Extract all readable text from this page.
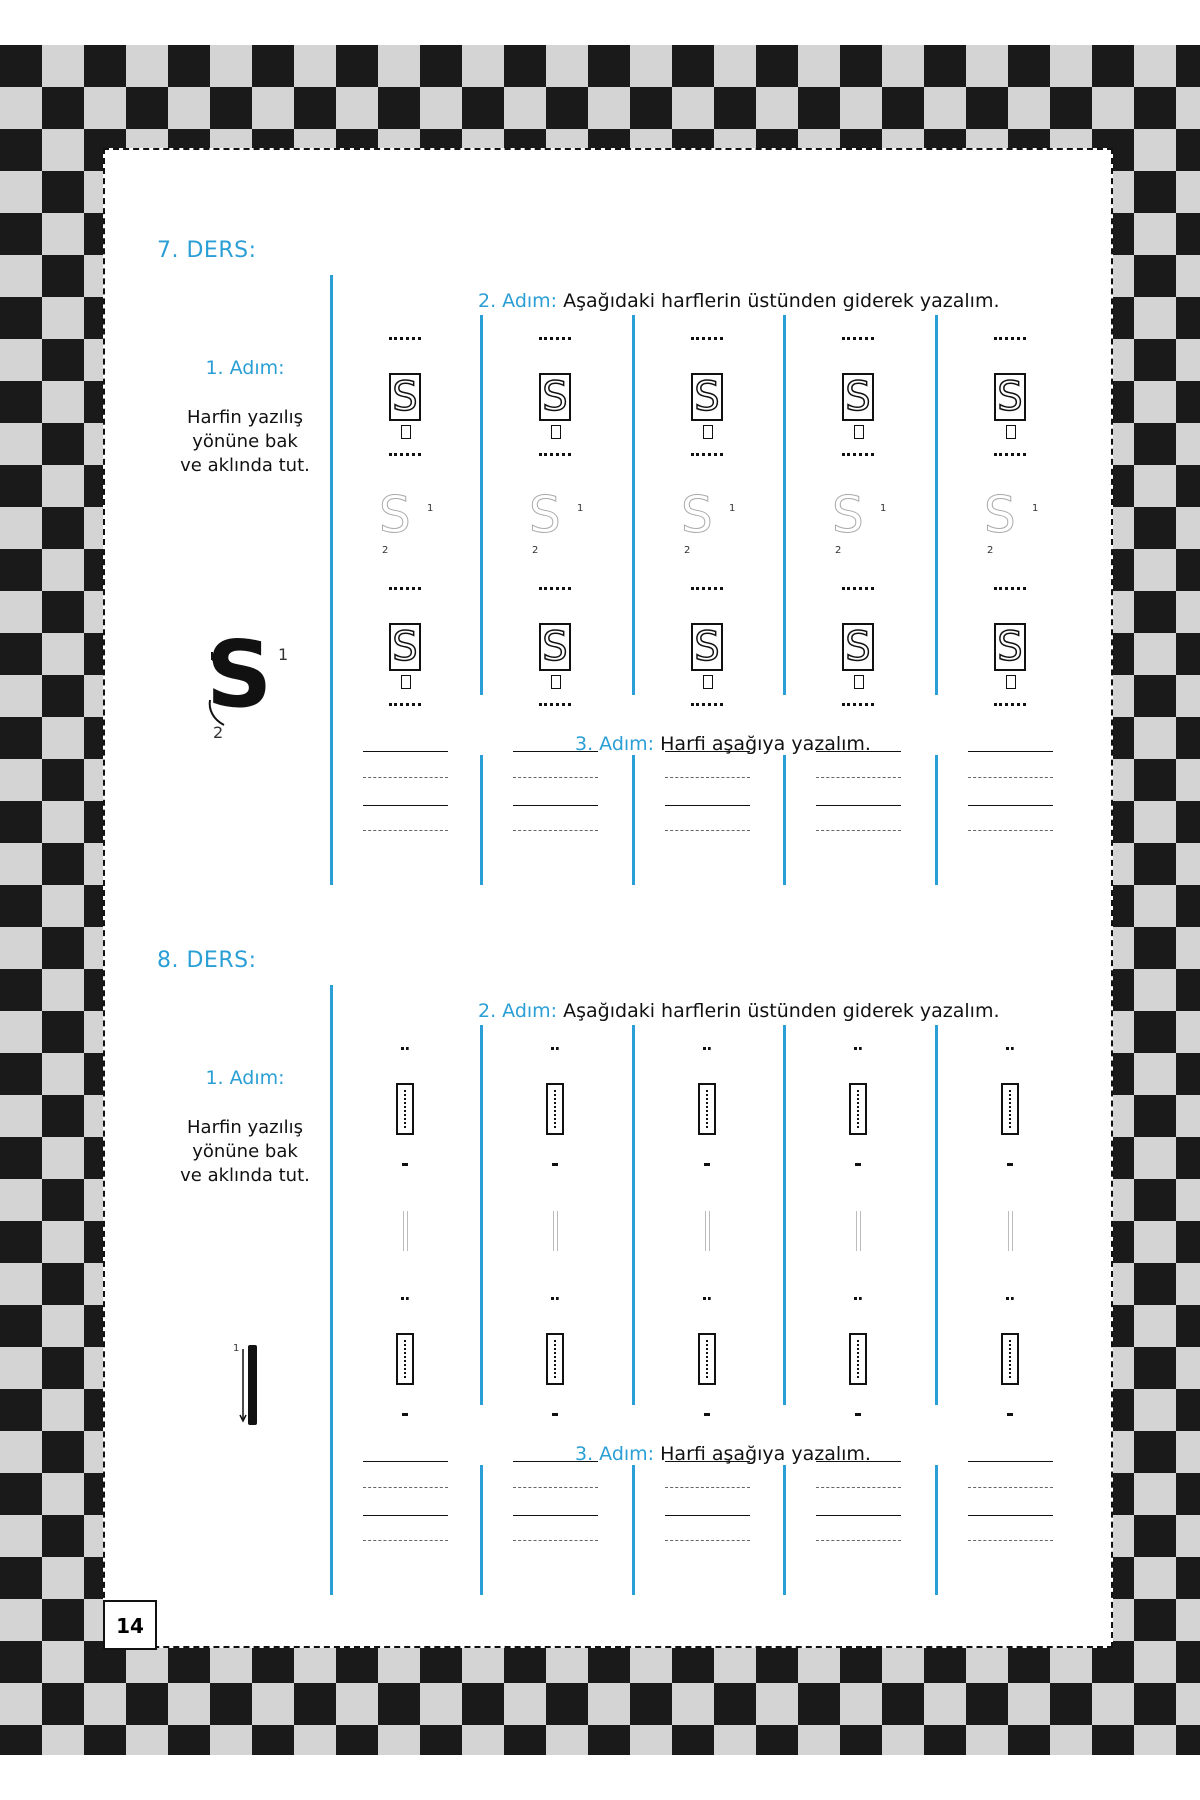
7. DERS:
2. Adım: Aşağıdaki harflerin üstünden giderek yazalım.
1. Adım:
Harfin yazılış yönüne bak ve aklında tut.
S 1
2
3. Adım: Harfi aşağıya yazalım.
S
S 1
2
S
S
S 1
2
S
S
S 1
2
S
S
S 1
2
S
S
S 1
2
S
8. DERS:
2. Adım: Aşağıdaki harflerin üstünden giderek yazalım.
1. Adım:
Harfin yazılış yönüne bak ve aklında tut.
1
3. Adım: Harfi aşağıya yazalım.
14
